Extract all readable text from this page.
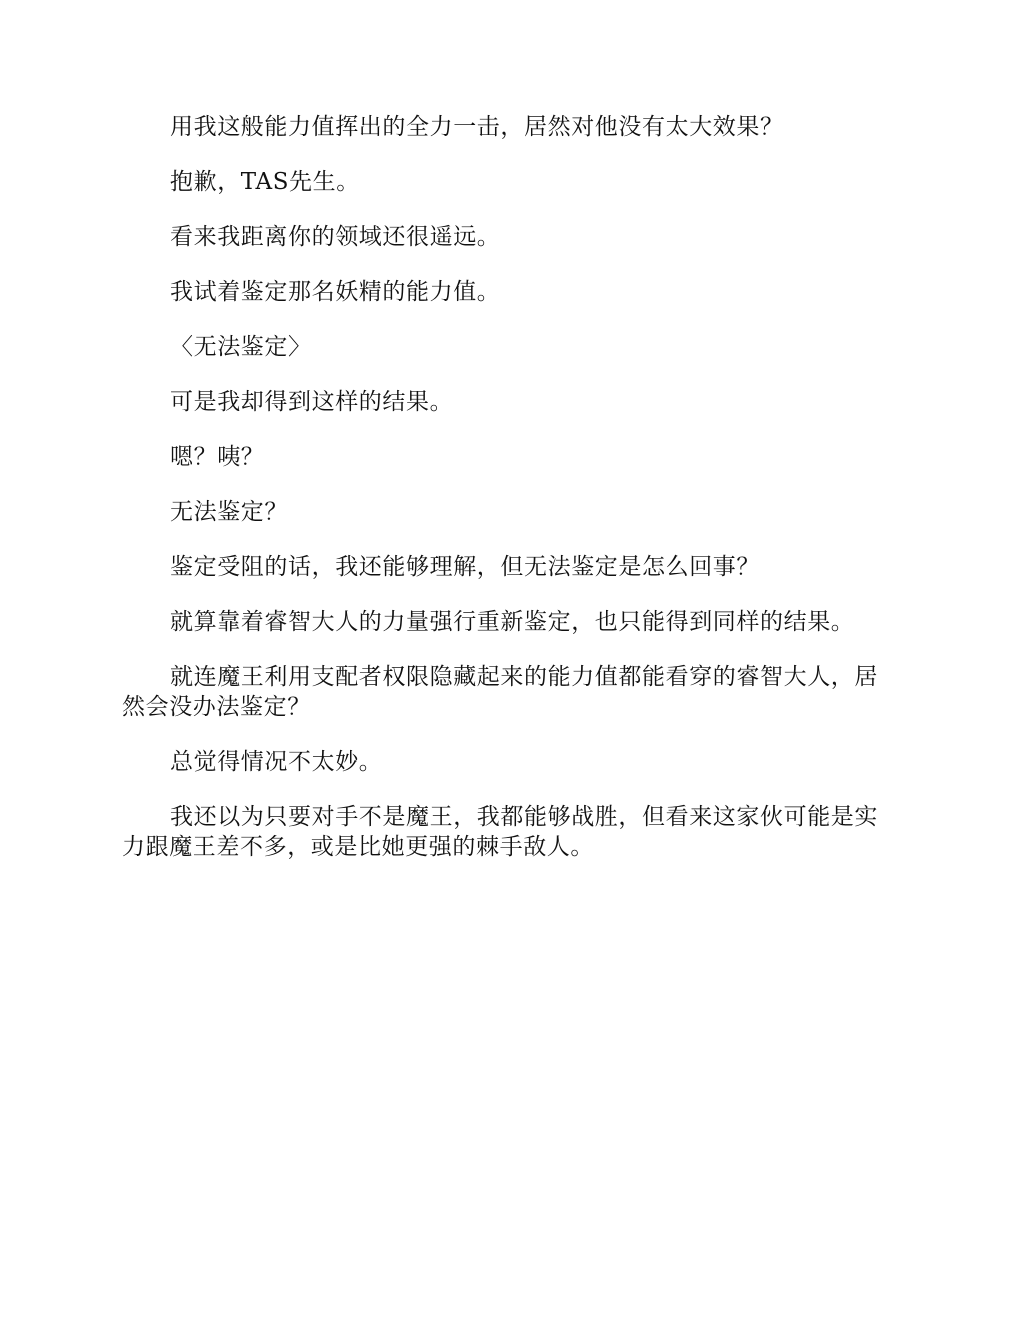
用我这般能力值挥出的全力一击，居然对他没有太大效果？

抱歉，TAS先生。

看来我距离你的领域还很遥远。

我试着鉴定那名妖精的能力值。

〈无法鉴定〉

可是我却得到这样的结果。

嗯？咦？

无法鉴定？

鉴定受阻的话，我还能够理解，但无法鉴定是怎么回事？

就算靠着睿智大人的力量强行重新鉴定，也只能得到同样的结果。

就连魔王利用支配者权限隐藏起来的能力值都能看穿的睿智大人，居然会没办法鉴定？

总觉得情况不太妙。

我还以为只要对手不是魔王，我都能够战胜，但看来这家伙可能是实力跟魔王差不多，或是比她更强的棘手敌人。
